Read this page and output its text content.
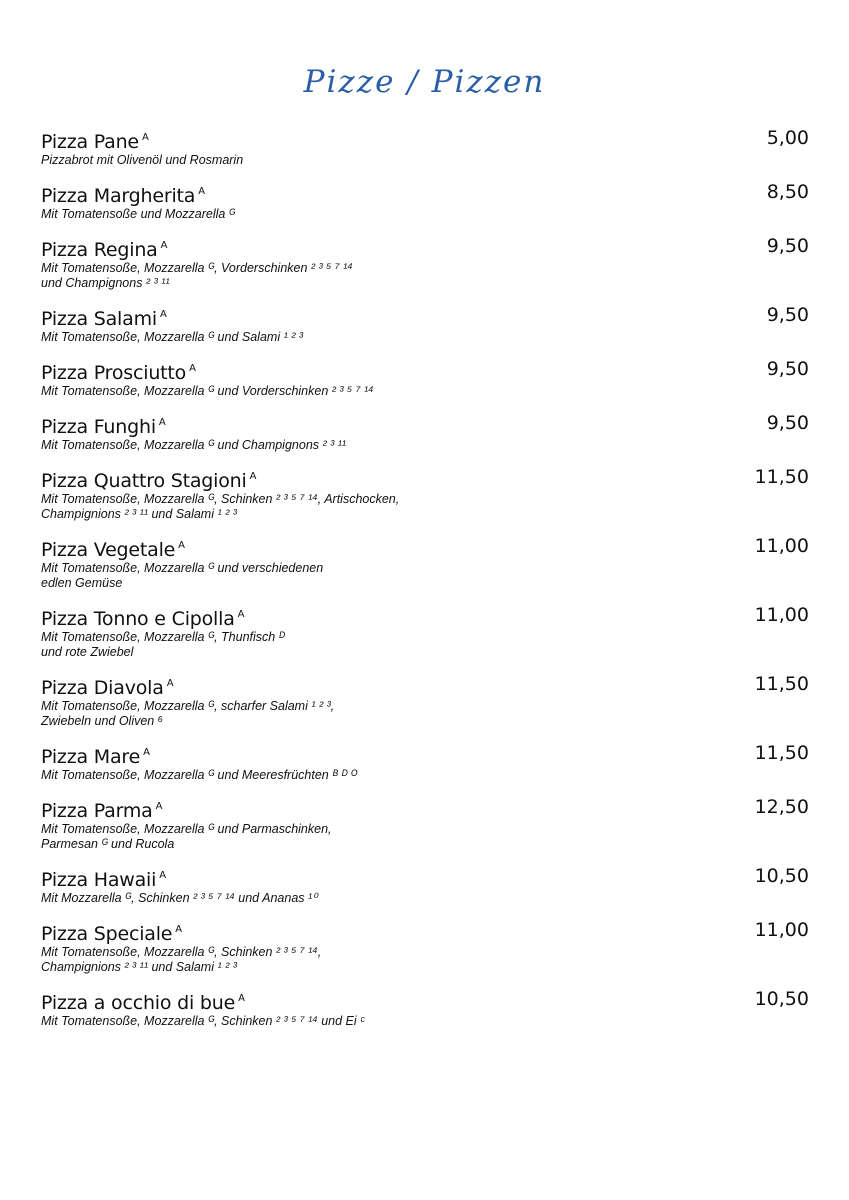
Pizze / Pizzen
Pizza Pane $^A$
Pizzabrot mit Olivenöl und Rosmarin
5,00
Pizza Margherita $^A$
Mit Tomatensoße und Mozzarella ᴳ
8,50
Pizza Regina $^A$
Mit Tomatensoße, Mozzarella ᴳ, Vorderschinken ² ³ ⁵ ⁷ ¹⁴
und Champignons ² ³ ¹¹
9,50
Pizza Salami $^A$
Mit Tomatensoße, Mozzarella ᴳ und Salami ¹ ² ³
9,50
Pizza Prosciutto $^A$
Mit Tomatensoße, Mozzarella ᴳ und Vorderschinken ² ³ ⁵ ⁷ ¹⁴
9,50
Pizza Funghi $^A$
Mit Tomatensoße, Mozzarella ᴳ und Champignons ² ³ ¹¹
9,50
Pizza Quattro Stagioni $^A$
Mit Tomatensoße, Mozzarella ᴳ, Schinken ² ³ ⁵ ⁷ ¹⁴, Artischocken,
Champignions ² ³ ¹¹ und Salami ¹ ² ³
11,50
Pizza Vegetale $^A$
Mit Tomatensoße, Mozzarella ᴳ und verschiedenen
edlen Gemüse
11,00
Pizza Tonno e Cipolla $^A$
Mit Tomatensoße, Mozzarella ᴳ, Thunfisch ᴰ
und rote Zwiebel
11,00
Pizza Diavola $^A$
Mit Tomatensoße, Mozzarella ᴳ, scharfer Salami ¹ ² ³,
Zwiebeln und Oliven ⁶
11,50
Pizza Mare $^A$
Mit Tomatensoße, Mozzarella ᴳ und Meeresfrüchten ᴮ ᴰ ᴼ
11,50
Pizza Parma $^A$
Mit Tomatensoße, Mozzarella ᴳ und Parmaschinken,
Parmesan ᴳ und Rucola
12,50
Pizza Hawaii $^A$
Mit Mozzarella ᴳ, Schinken ² ³ ⁵ ⁷ ¹⁴ und Ananas ¹⁰
10,50
Pizza Speciale $^A$
Mit Tomatensoße, Mozzarella ᴳ, Schinken ² ³ ⁵ ⁷ ¹⁴,
Champignions ² ³ ¹¹ und Salami ¹ ² ³
11,00
Pizza a occhio di bue $^A$
Mit Tomatensoße, Mozzarella ᴳ, Schinken ² ³ ⁵ ⁷ ¹⁴ und Ei ᶜ
10,50
